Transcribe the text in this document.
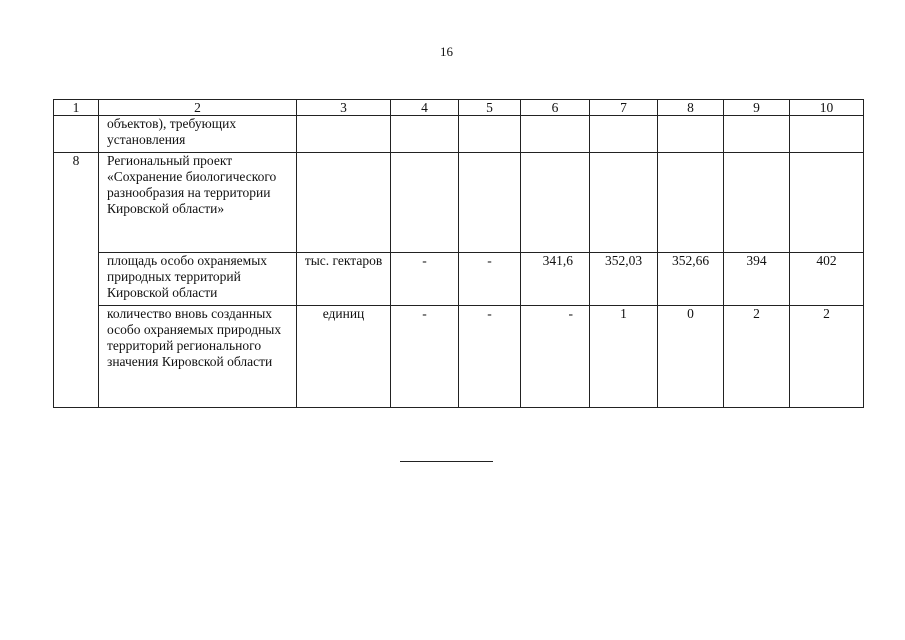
16
1	2	3	4	5	6	7	8	9	10
	объектов), требующих установления								
8	Региональный проект «Сохранение биологического разнообразия на территории Кировской области»								
	площадь особо охраняемых природных территорий Кировской области	тыс. гектаров	-	-	341,6	352,03	352,66	394	402
	количество вновь созданных особо охраняемых природных территорий регионального значения Кировской области	единиц	-	-	-	1	0	2	2
